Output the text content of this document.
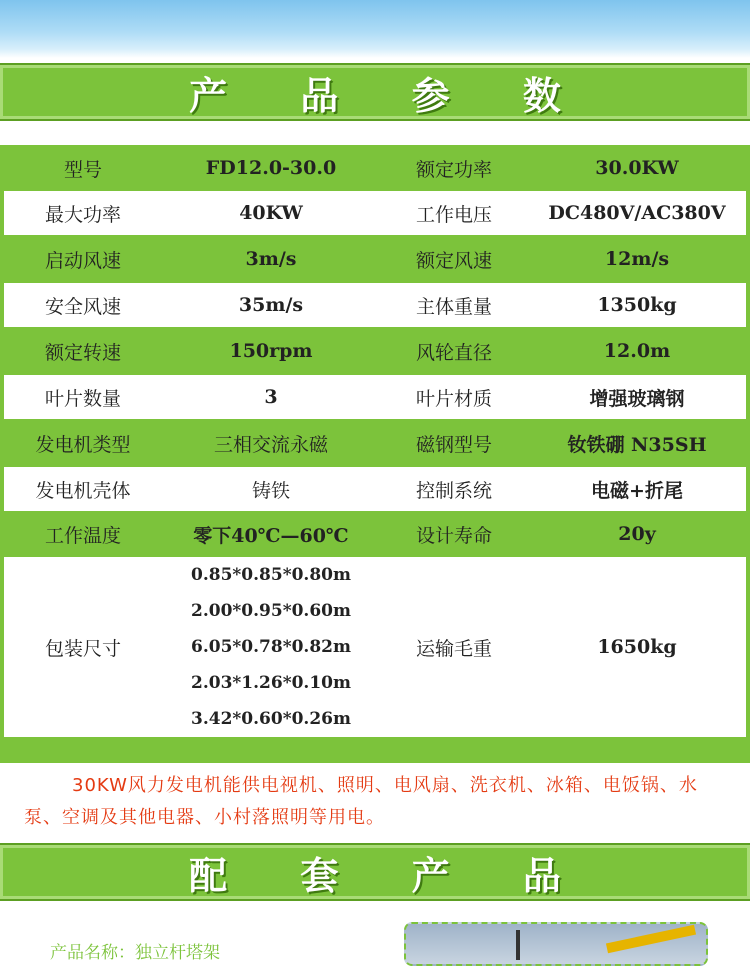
产 品 参 数
型号	FD12.0-30.0	额定功率	30.0KW
最大功率	40KW	工作电压	DC480V/AC380V
启动风速	3m/s	额定风速	12m/s
安全风速	35m/s	主体重量	1350kg
额定转速	150rpm	风轮直径	12.0m
叶片数量	3	叶片材质	增强玻璃钢
发电机类型	三相交流永磁	磁钢型号	钕铁硼 N35SH
发电机壳体	铸铁	控制系统	电磁+折尾
工作温度	零下40℃—60℃	设计寿命	20y
包装尺寸	0.85*0.85*0.80m
2.00*0.95*0.60m
6.05*0.78*0.82m
2.03*1.26*0.10m
3.42*0.60*0.26m	运输毛重	1650kg
30KW风力发电机能供电视机、照明、电风扇、洗衣机、冰箱、电饭锅、水泵、空调及其他电器、小村落照明等用电。
配 套 产 品
产品名称：独立杆塔架
